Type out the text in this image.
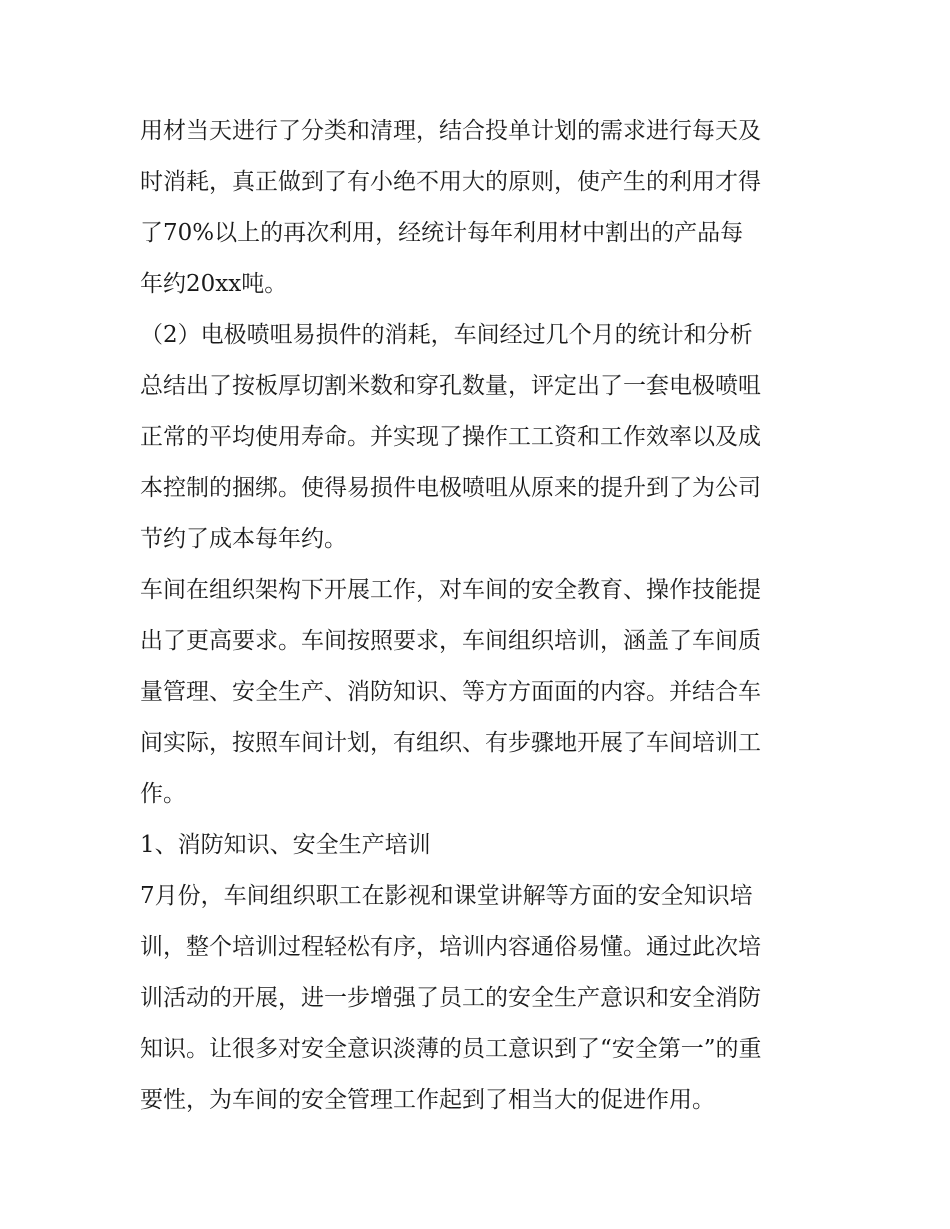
用材当天进行了分类和清理，结合投单计划的需求进行每天及
时消耗，真正做到了有小绝不用大的原则，使产生的利用才得
了70%以上的再次利用，经统计每年利用材中割出的产品每
年约20xx吨。
（2）电极喷咀易损件的消耗，车间经过几个月的统计和分析
总结出了按板厚切割米数和穿孔数量，评定出了一套电极喷咀
正常的平均使用寿命。并实现了操作工工资和工作效率以及成
本控制的捆绑。使得易损件电极喷咀从原来的提升到了为公司
节约了成本每年约。
车间在组织架构下开展工作，对车间的安全教育、操作技能提
出了更高要求。车间按照要求，车间组织培训，涵盖了车间质
量管理、安全生产、消防知识、等方方面面的内容。并结合车
间实际，按照车间计划，有组织、有步骤地开展了车间培训工
作。
1、消防知识、安全生产培训
7月份，车间组织职工在影视和课堂讲解等方面的安全知识培
训，整个培训过程轻松有序，培训内容通俗易懂。通过此次培
训活动的开展，进一步增强了员工的安全生产意识和安全消防
知识。让很多对安全意识淡薄的员工意识到了“安全第一”的重
要性，为车间的安全管理工作起到了相当大的促进作用。
